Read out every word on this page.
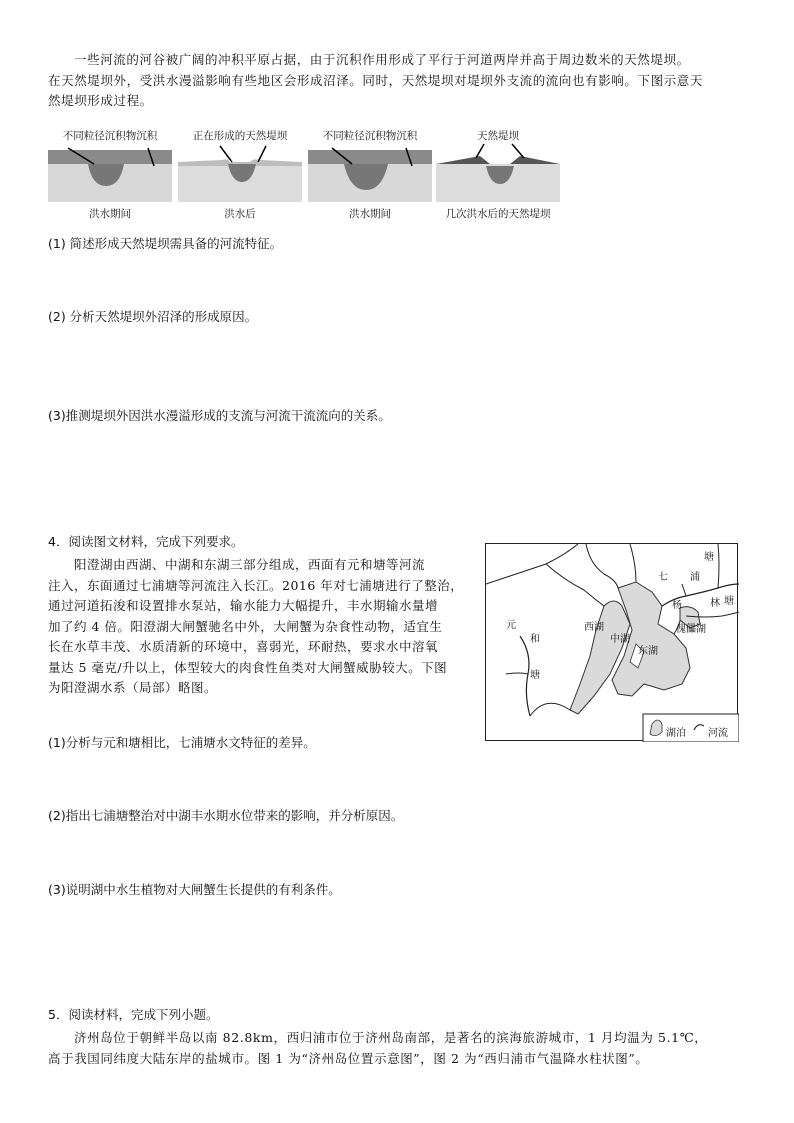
一些河流的河谷被广阔的冲积平原占据，由于沉积作用形成了平行于河道两岸并高于周边数米的天然堤坝。
在天然堤坝外，受洪水漫溢影响有些地区会形成沼泽。同时，天然堤坝对堤坝外支流的流向也有影响。下图示意天
然堤坝形成过程。
不同粒径沉积物沉积
洪水期间
正在形成的天然堤坝
洪水后
不同粒径沉积物沉积
洪水期间
天然堤坝
几次洪水后的天然堤坝
(1) 简述形成天然堤坝需具备的河流特征。
(2) 分析天然堤坝外沼泽的形成原因。
(3)推测堤坝外因洪水漫溢形成的支流与河流干流流向的关系。
4．阅读图文材料，完成下列要求。
阳澄湖由西湖、中湖和东湖三部分组成，西面有元和塘等河流
注入，东面通过七浦塘等河流注入长江。2016 年对七浦塘进行了整治，
通过河道拓浚和设置排水泵站，输水能力大幅提升，丰水期输水量增
加了约 4 倍。阳澄湖大闸蟹驰名中外，大闸蟹为杂食性动物，适宜生
长在水草丰茂、水质清新的环境中，喜弱光，环耐热，要求水中溶氧
量达 5 毫克/升以上，体型较大的肉食性鱼类对大闸蟹威胁较大。下图
为阳澄湖水系（局部）略图。
塘
浦
七
杨	林 塘
元
和
塘
西湖
中湖
东湖
傀儡湖
湖泊 河流
(1)分析与元和塘相比，七浦塘水文特征的差异。
(2)指出七浦塘整治对中湖丰水期水位带来的影响，并分析原因。
(3)说明湖中水生植物对大闸蟹生长提供的有利条件。
5．阅读材料，完成下列小题。
济州岛位于朝鲜半岛以南 82.8km，西归浦市位于济州岛南部，是著名的滨海旅游城市，1 月均温为 5.1℃，
高于我国同纬度大陆东岸的盐城市。图 1 为“济州岛位置示意图”，图 2 为“西归浦市气温降水柱状图”。
